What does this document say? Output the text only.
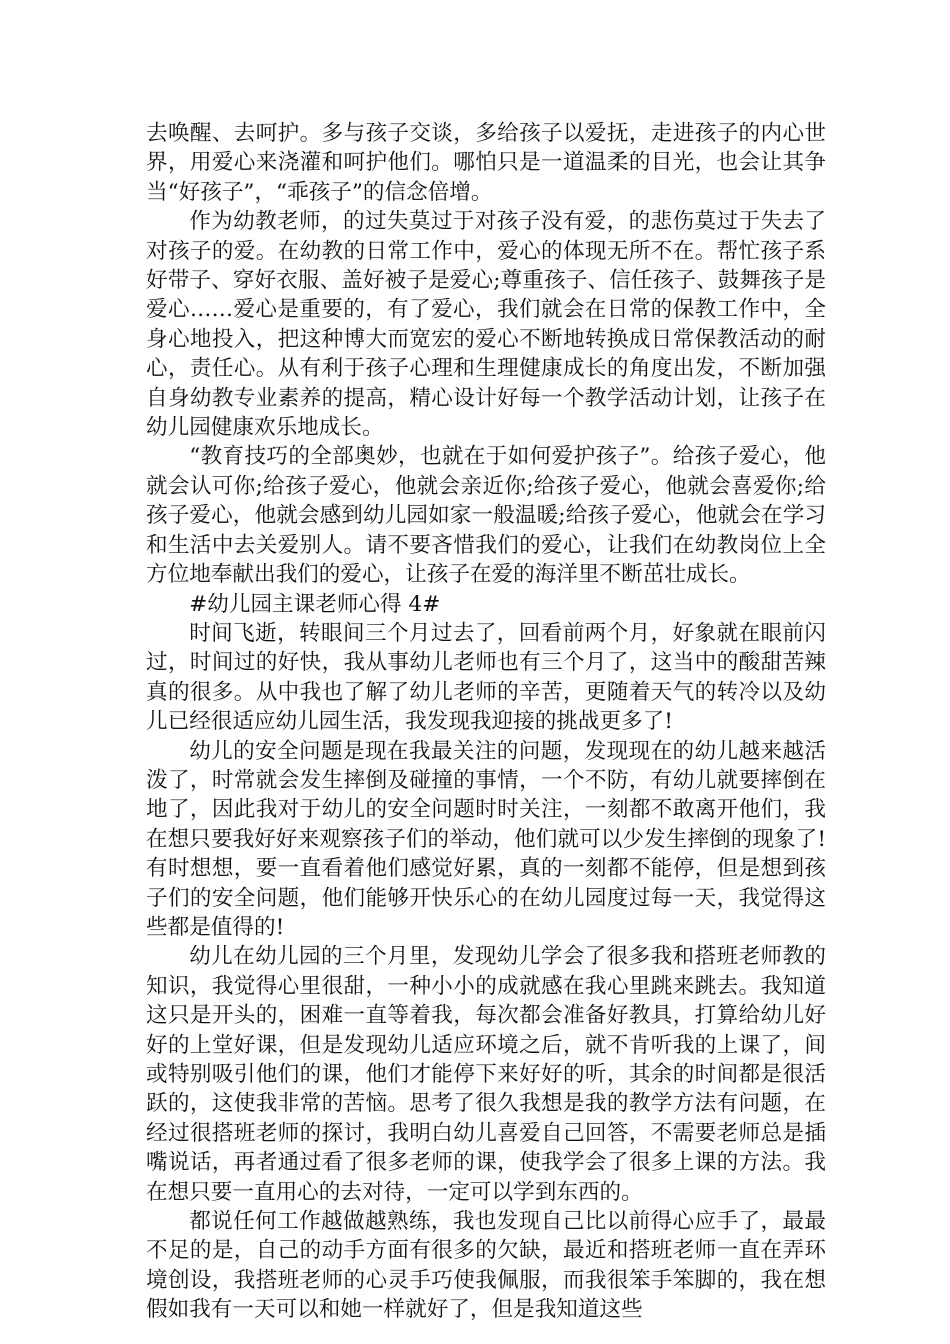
去唤醒、去呵护。多与孩子交谈，多给孩子以爱抚，走进孩子的内心世界，用爱心来浇灌和呵护他们。哪怕只是一道温柔的目光，也会让其争当“好孩子”，“乖孩子”的信念倍增。

作为幼教老师，的过失莫过于对孩子没有爱，的悲伤莫过于失去了对孩子的爱。在幼教的日常工作中，爱心的体现无所不在。帮忙孩子系好带子、穿好衣服、盖好被子是爱心;尊重孩子、信任孩子、鼓舞孩子是爱心……爱心是重要的，有了爱心，我们就会在日常的保教工作中，全身心地投入，把这种博大而宽宏的爱心不断地转换成日常保教活动的耐心，责任心。从有利于孩子心理和生理健康成长的角度出发，不断加强自身幼教专业素养的提高，精心设计好每一个教学活动计划，让孩子在幼儿园健康欢乐地成长。

“教育技巧的全部奥妙，也就在于如何爱护孩子”。给孩子爱心，他就会认可你;给孩子爱心，他就会亲近你;给孩子爱心，他就会喜爱你;给孩子爱心，他就会感到幼儿园如家一般温暖;给孩子爱心，他就会在学习和生活中去关爱别人。请不要吝惜我们的爱心，让我们在幼教岗位上全方位地奉献出我们的爱心，让孩子在爱的海洋里不断茁壮成长。

#幼儿园主课老师心得 4#

时间飞逝，转眼间三个月过去了，回看前两个月，好象就在眼前闪过，时间过的好快，我从事幼儿老师也有三个月了，这当中的酸甜苦辣真的很多。从中我也了解了幼儿老师的辛苦，更随着天气的转冷以及幼儿已经很适应幼儿园生活，我发现我迎接的挑战更多了!

幼儿的安全问题是现在我最关注的问题，发现现在的幼儿越来越活泼了，时常就会发生摔倒及碰撞的事情，一个不防，有幼儿就要摔倒在地了，因此我对于幼儿的安全问题时时关注，一刻都不敢离开他们，我在想只要我好好来观察孩子们的举动，他们就可以少发生摔倒的现象了!有时想想，要一直看着他们感觉好累，真的一刻都不能停，但是想到孩子们的安全问题，他们能够开快乐心的在幼儿园度过每一天，我觉得这些都是值得的!

幼儿在幼儿园的三个月里，发现幼儿学会了很多我和搭班老师教的知识，我觉得心里很甜，一种小小的成就感在我心里跳来跳去。我知道这只是开头的，困难一直等着我，每次都会准备好教具，打算给幼儿好好的上堂好课，但是发现幼儿适应环境之后，就不肯听我的上课了，间或特别吸引他们的课，他们才能停下来好好的听，其余的时间都是很活跃的，这使我非常的苦恼。思考了很久我想是我的教学方法有问题，在经过很搭班老师的探讨，我明白幼儿喜爱自己回答，不需要老师总是插嘴说话，再者通过看了很多老师的课，使我学会了很多上课的方法。我在想只要一直用心的去对待，一定可以学到东西的。

都说任何工作越做越熟练，我也发现自己比以前得心应手了，最最不足的是，自己的动手方面有很多的欠缺，最近和搭班老师一直在弄环境创设，我搭班老师的心灵手巧使我佩服，而我很笨手笨脚的，我在想假如我有一天可以和她一样就好了，但是我知道这些
